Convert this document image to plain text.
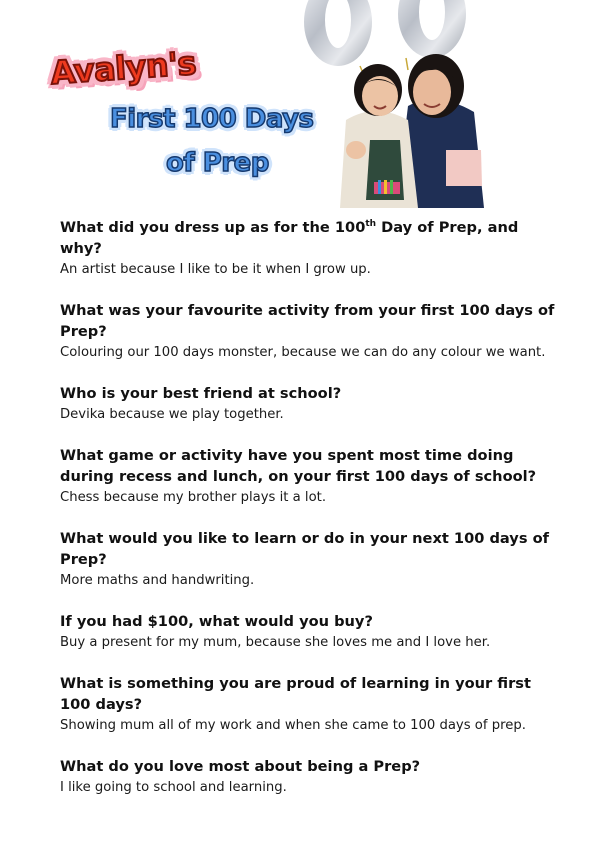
Avalyn's
First 100 Days
of Prep

What did you dress up as for the 100th Day of Prep, and why?

An artist because I like to be it when I grow up.

What was your favourite activity from your first 100 days of Prep?

Colouring our 100 days monster, because we can do any colour we want.

Who is your best friend at school?

Devika because we play together.

What game or activity have you spent most time doing during recess and lunch, on your first 100 days of school?

Chess because my brother plays it a lot.

What would you like to learn or do in your next 100 days of Prep?

More maths and handwriting.

If you had $100, what would you buy?

Buy a present for my mum, because she loves me and I love her.

What is something you are proud of learning in your first 100 days?

Showing mum all of my work and when she came to 100 days of prep.

What do you love most about being a Prep?

I like going to school and learning.
